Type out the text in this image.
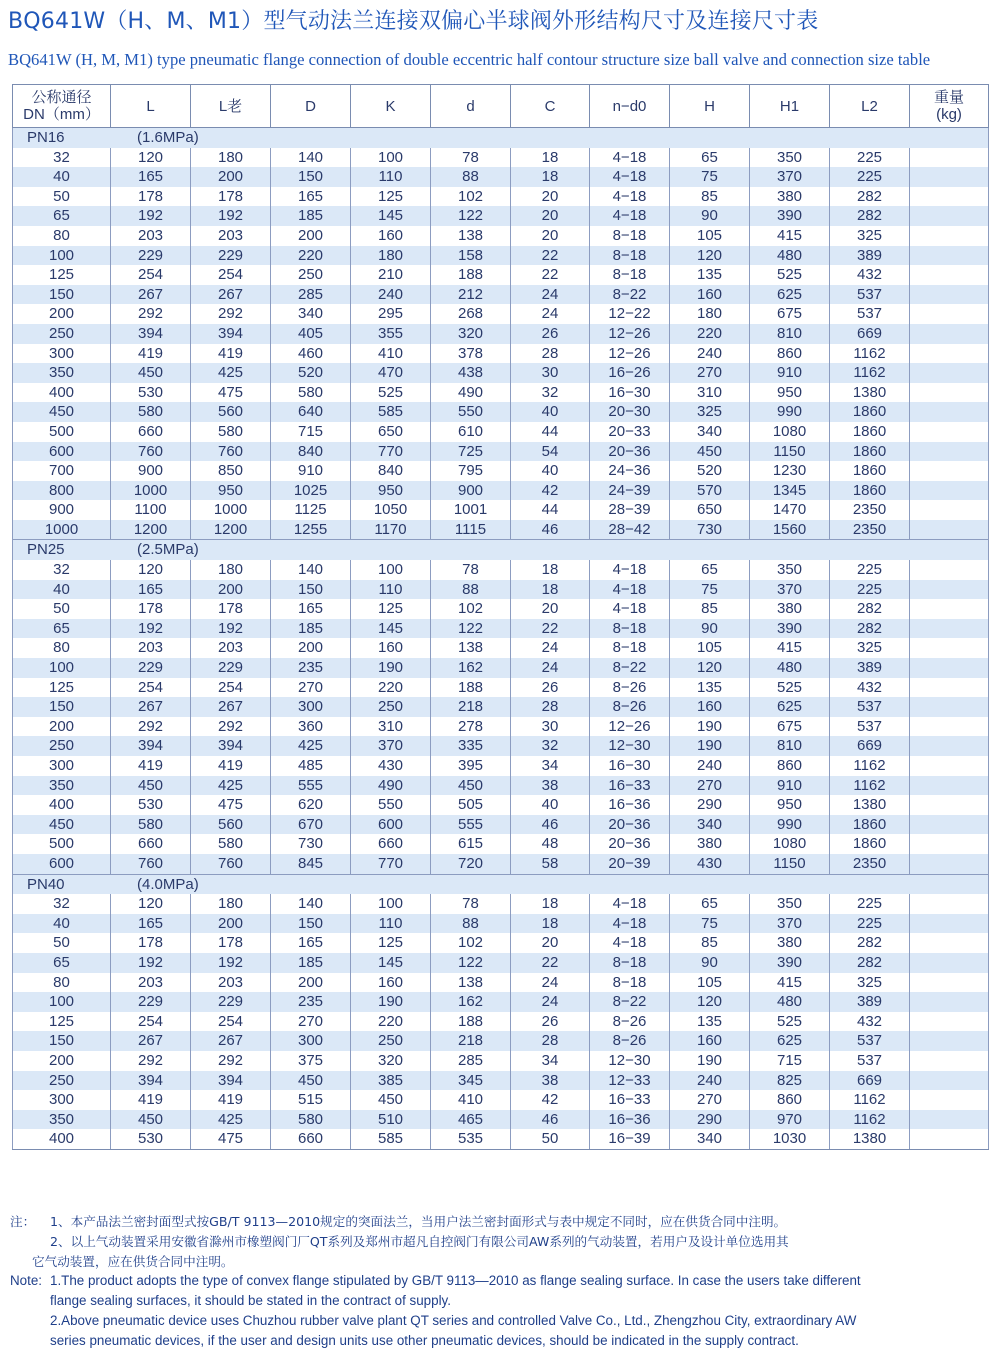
BQ641W（H、M、M1）型气动法兰连接双偏心半球阀外形结构尺寸及连接尺寸表
BQ641W (H, M, M1) type pneumatic flange connection of double eccentric half contour structure size ball valve and connection size table
公称通径
DN（mm）	L	L老	D	K	d	C	n−d0	H	H1	L2	重量
(kg)
PN16 (1.6MPa)											
32	120	180	140	100	78	18	4−18	65	350	225	
40	165	200	150	110	88	18	4−18	75	370	225	
50	178	178	165	125	102	20	4−18	85	380	282	
65	192	192	185	145	122	20	4−18	90	390	282	
80	203	203	200	160	138	20	8−18	105	415	325	
100	229	229	220	180	158	22	8−18	120	480	389	
125	254	254	250	210	188	22	8−18	135	525	432	
150	267	267	285	240	212	24	8−22	160	625	537	
200	292	292	340	295	268	24	12−22	180	675	537	
250	394	394	405	355	320	26	12−26	220	810	669	
300	419	419	460	410	378	28	12−26	240	860	1162	
350	450	425	520	470	438	30	16−26	270	910	1162	
400	530	475	580	525	490	32	16−30	310	950	1380	
450	580	560	640	585	550	40	20−30	325	990	1860	
500	660	580	715	650	610	44	20−33	340	1080	1860	
600	760	760	840	770	725	54	20−36	450	1150	1860	
700	900	850	910	840	795	40	24−36	520	1230	1860	
800	1000	950	1025	950	900	42	24−39	570	1345	1860	
900	1100	1000	1125	1050	1001	44	28−39	650	1470	2350	
1000	1200	1200	1255	1170	1115	46	28−42	730	1560	2350	
PN25 (2.5MPa)											
32	120	180	140	100	78	18	4−18	65	350	225	
40	165	200	150	110	88	18	4−18	75	370	225	
50	178	178	165	125	102	20	4−18	85	380	282	
65	192	192	185	145	122	22	8−18	90	390	282	
80	203	203	200	160	138	24	8−18	105	415	325	
100	229	229	235	190	162	24	8−22	120	480	389	
125	254	254	270	220	188	26	8−26	135	525	432	
150	267	267	300	250	218	28	8−26	160	625	537	
200	292	292	360	310	278	30	12−26	190	675	537	
250	394	394	425	370	335	32	12−30	190	810	669	
300	419	419	485	430	395	34	16−30	240	860	1162	
350	450	425	555	490	450	38	16−33	270	910	1162	
400	530	475	620	550	505	40	16−36	290	950	1380	
450	580	560	670	600	555	46	20−36	340	990	1860	
500	660	580	730	660	615	48	20−36	380	1080	1860	
600	760	760	845	770	720	58	20−39	430	1150	2350	
PN40 (4.0MPa)											
32	120	180	140	100	78	18	4−18	65	350	225	
40	165	200	150	110	88	18	4−18	75	370	225	
50	178	178	165	125	102	20	4−18	85	380	282	
65	192	192	185	145	122	22	8−18	90	390	282	
80	203	203	200	160	138	24	8−18	105	415	325	
100	229	229	235	190	162	24	8−22	120	480	389	
125	254	254	270	220	188	26	8−26	135	525	432	
150	267	267	300	250	218	28	8−26	160	625	537	
200	292	292	375	320	285	34	12−30	190	715	537	
250	394	394	450	385	345	38	12−33	240	825	669	
300	419	419	515	450	410	42	16−33	270	860	1162	
350	450	425	580	510	465	46	16−36	290	970	1162	
400	530	475	660	585	535	50	16−39	340	1030	1380	
注： 1、本产品法兰密封面型式按GB/T 9113—2010规定的突面法兰，当用户法兰密封面形式与表中规定不同时，应在供货合同中注明。
2、以上气动装置采用安徽省滁州市橡塑阀门厂QT系列及郑州市超凡自控阀门有限公司AW系列的气动装置，若用户及设计单位选用其
它气动装置，应在供货合同中注明。
Note: 1.The product adopts the type of convex flange stipulated by GB/T 9113—2010 as flange sealing surface. In case the users take different
flange sealing surfaces, it should be stated in the contract of supply.
2.Above pneumatic device uses Chuzhou rubber valve plant QT series and controlled Valve Co., Ltd., Zhengzhou City, extraordinary AW
series pneumatic devices, if the user and design units use other pneumatic devices, should be indicated in the supply contract.
